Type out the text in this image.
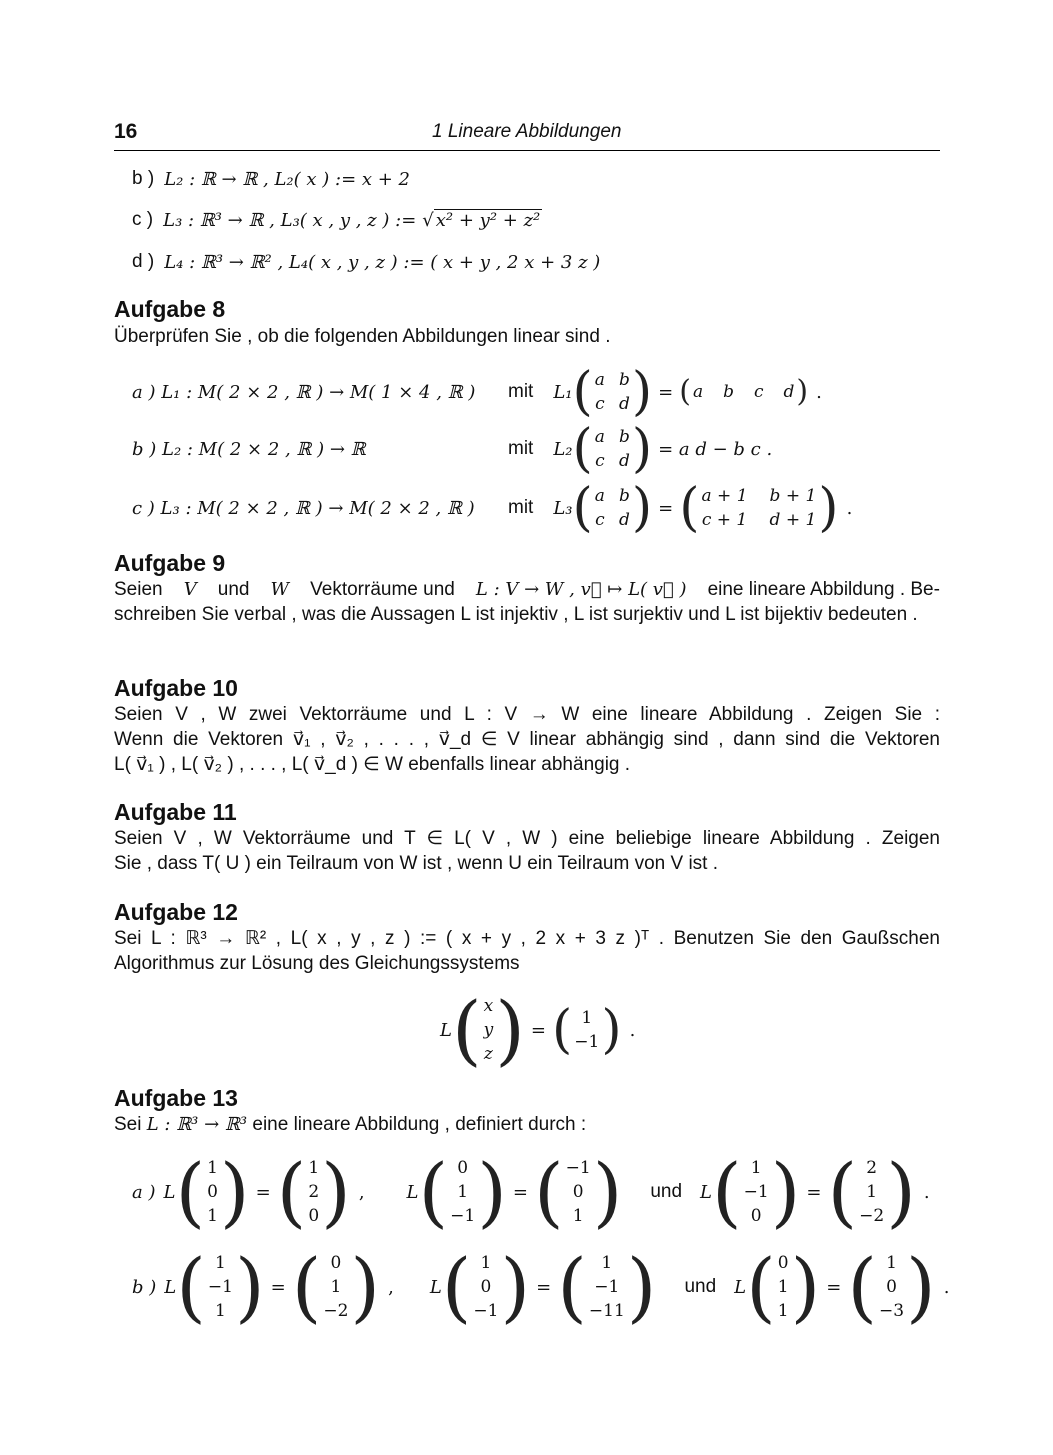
16	1 Lineare Abbildungen
b ) L₂ : ℝ → ℝ , L₂( x ) := x + 2
c ) L₃ : ℝ³ → ℝ , L₃( x , y , z ) := √ x² + y² + z²
d ) L₄ : ℝ³ → ℝ² , L₄( x , y , z ) := ( x + y , 2 x + 3 z )
Aufgabe 8
Überprüfen Sie , ob die folgenden Abbildungen linear sind .
a ) L₁ : M( 2 × 2 , ℝ ) → M( 1 × 4 , ℝ )	mit L₁ ( a b
c d ) = ( a b c d ) .
b ) L₂ : M( 2 × 2 , ℝ ) → ℝ	mit L₂ ( a b
c d ) = a d − b c .
c ) L₃ : M( 2 × 2 , ℝ ) → M( 2 × 2 , ℝ )	mit L₃ ( a b
c d ) = ( a + 1 b + 1
c + 1 d + 1 ) .
Aufgabe 9
Seien V und W Vektorräume und L : V → W , v⃗ ↦ L( v⃗ ) eine lineare Abbildung . Be-
schreiben Sie verbal , was die Aussagen L ist injektiv , L ist surjektiv und L ist bijektiv bedeuten .
Aufgabe 10
Seien V , W zwei Vektorräume und L : V → W eine lineare Abbildung . Zeigen Sie :
Wenn die Vektoren v⃗₁ , v⃗₂ , . . . , v⃗_d ∈ V linear abhängig sind , dann sind die Vektoren
L( v⃗₁ ) , L( v⃗₂ ) , . . . , L( v⃗_d ) ∈ W ebenfalls linear abhängig .
Aufgabe 11
Seien V , W Vektorräume und T ∈ L( V , W ) eine beliebige lineare Abbildung . Zeigen
Sie , dass T( U ) ein Teilraum von W ist , wenn U ein Teilraum von V ist .
Aufgabe 12
Sei L : ℝ³ → ℝ² , L( x , y , z ) := ( x + y , 2 x + 3 z )ᵀ . Benutzen Sie den Gaußschen
Algorithmus zur Lösung des Gleichungssystems
L ( x
y
z ) = ( 1
−1 ) .
Aufgabe 13
Sei L : ℝ³ → ℝ³ eine lineare Abbildung , definiert durch :
a ) L ( 1
0
1 ) = ( 1
2
0 ) , L ( 0
1
−1 ) = ( −1
0
1 ) und L ( 1
−1
0 ) = ( 2
1
−2 ) .
b ) L ( 1
−1
1 ) = ( 0
1
−2 ) , L ( 1
0
−1 ) = ( 1
−1
−11 ) und L ( 0
1
1 ) = ( 1
0
−3 ) .
